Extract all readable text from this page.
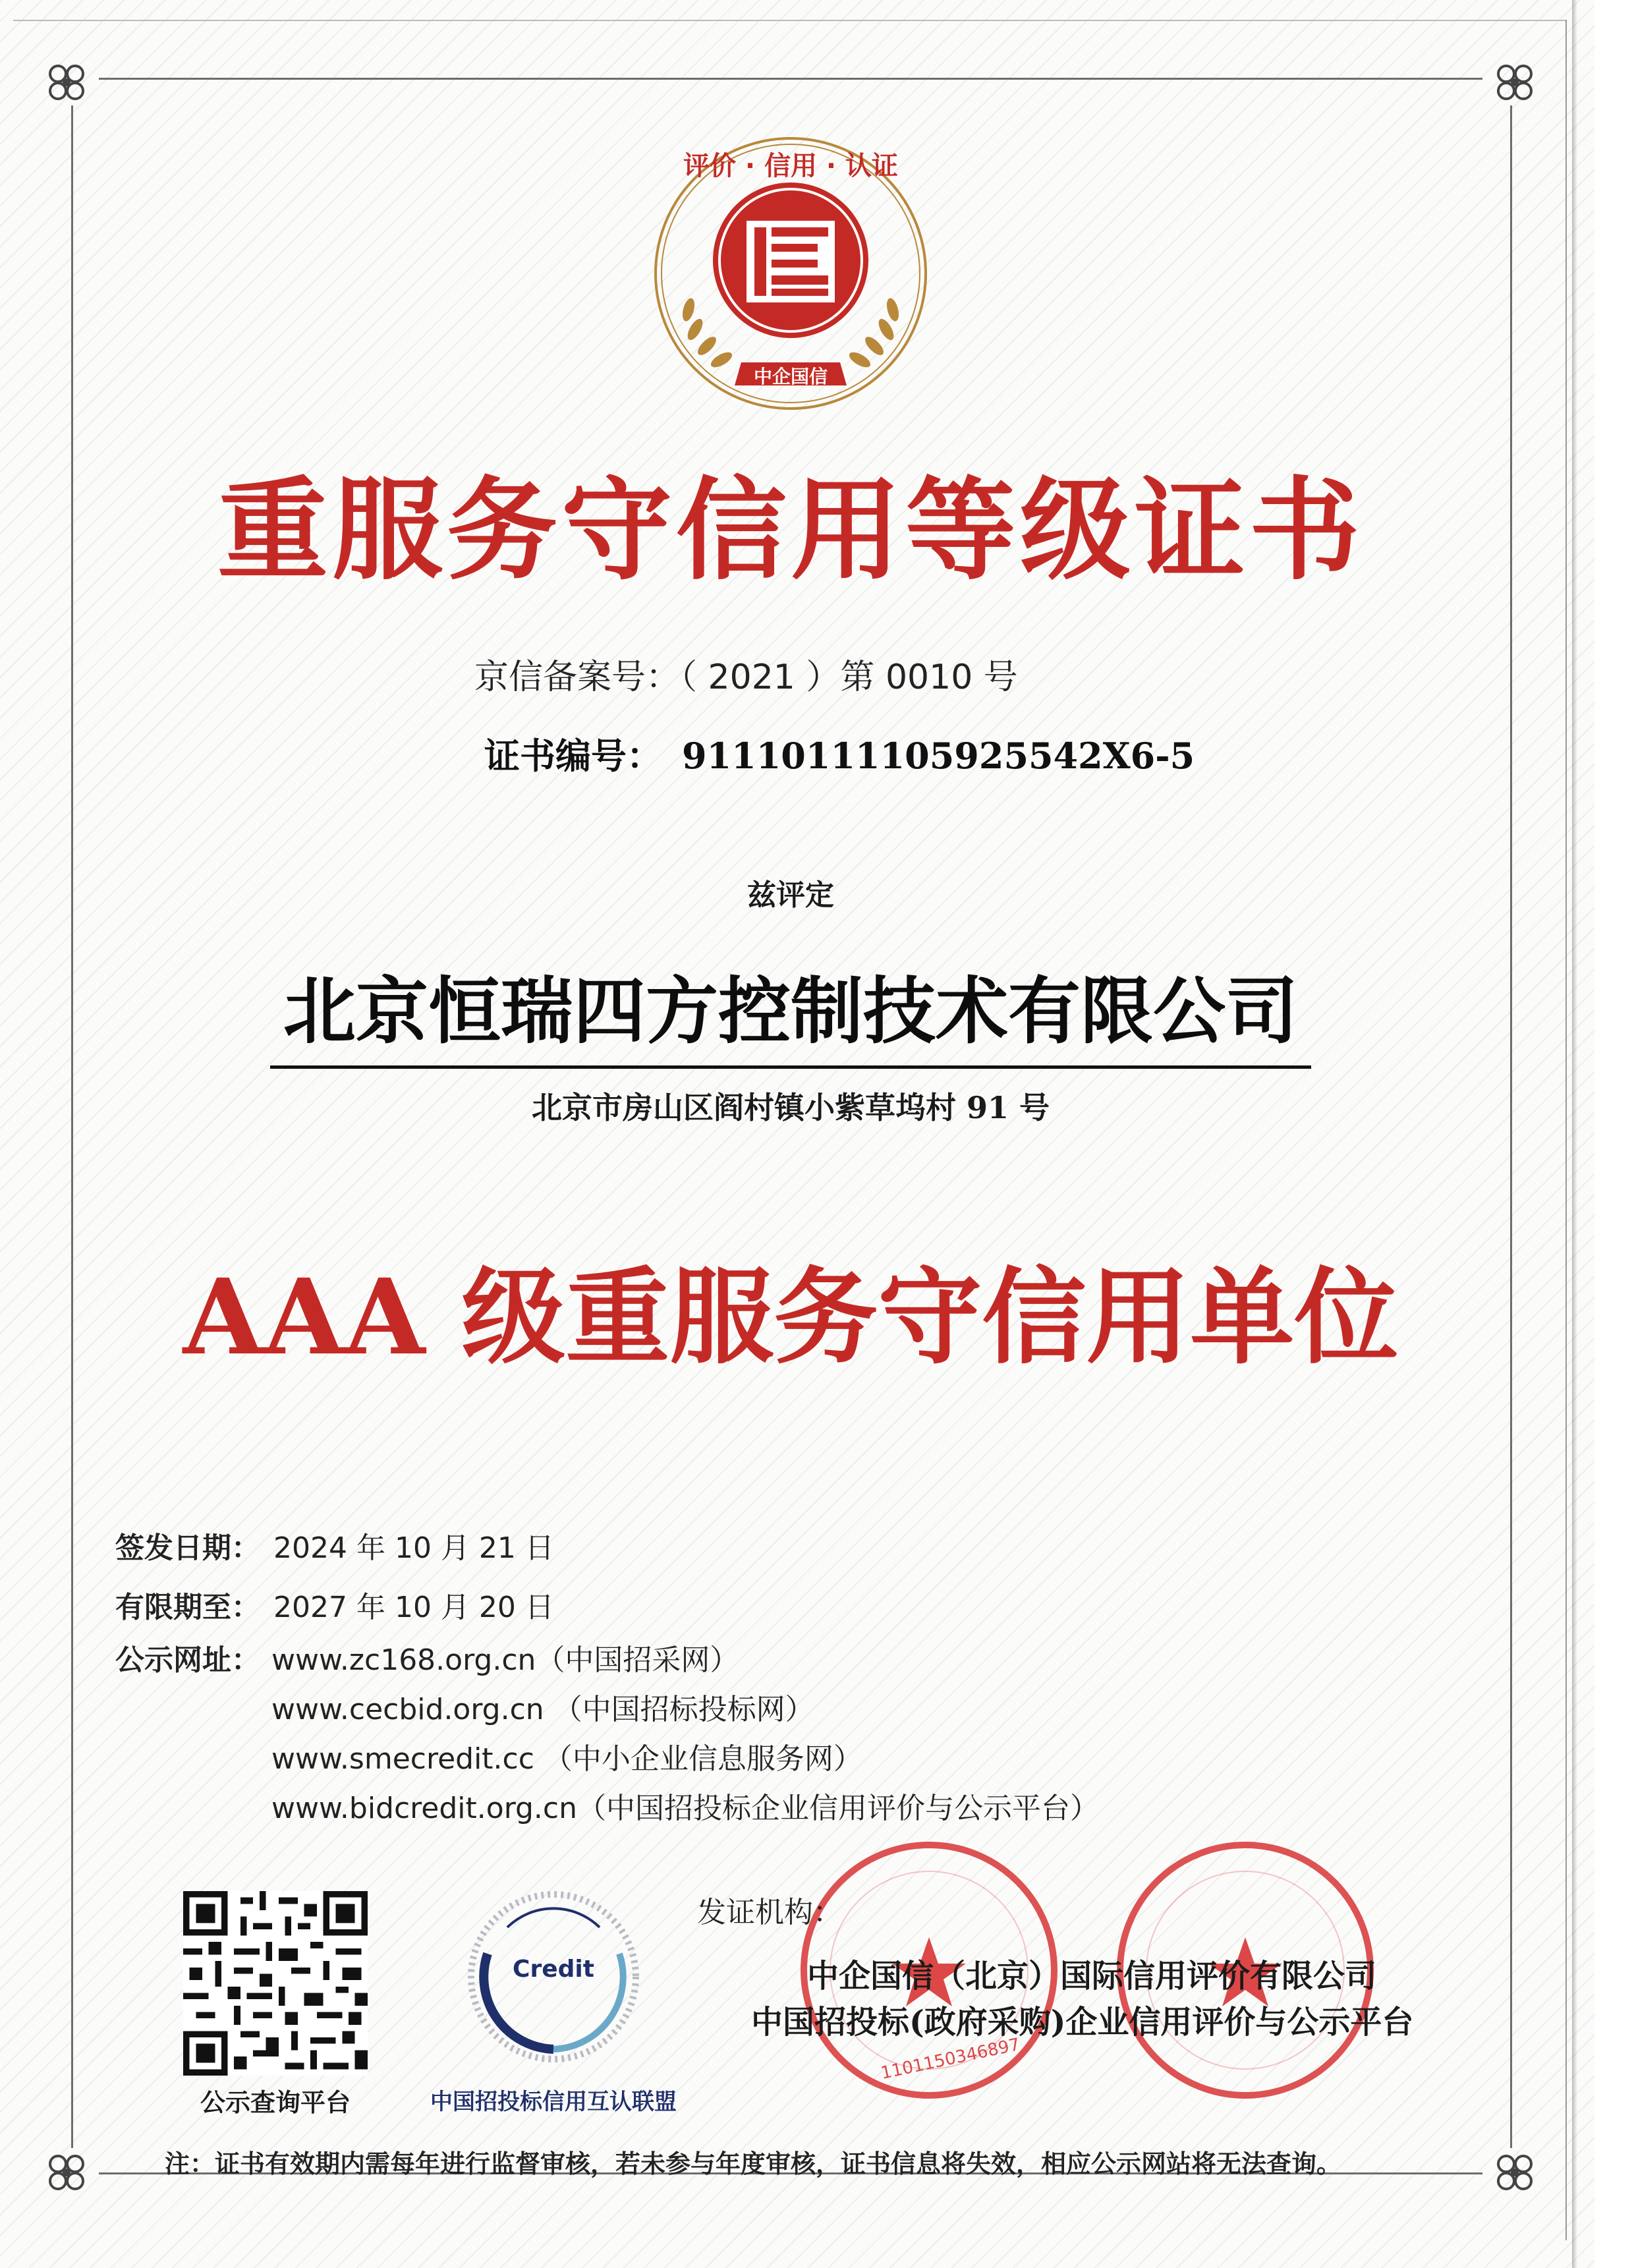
评价 · 信用 · 认证
中企国信
重服务守信用等级证书
京信备案号：（ 2021 ）第 0010 号
证书编号： 91110111105925542X6-5
兹评定
北京恒瑞四方控制技术有限公司
北京市房山区阎村镇小紫草坞村 91 号
AAA 级重服务守信用单位
签发日期： 2024 年 10 月 21 日
有限期至： 2027 年 10 月 20 日
公示网址： www.zc168.org.cn（中国招采网）
www.cecbid.org.cn （中国招标投标网）
www.smecredit.cc （中小企业信息服务网）
www.bidcredit.org.cn（中国招投标企业信用评价与公示平台）
公示查询平台
Credit
中国招投标信用互认联盟
1101150346897
发证机构：
中企国信（北京）国际信用评价有限公司
中国招投标(政府采购)企业信用评价与公示平台
注：证书有效期内需每年进行监督审核，若未参与年度审核，证书信息将失效，相应公示网站将无法查询。
